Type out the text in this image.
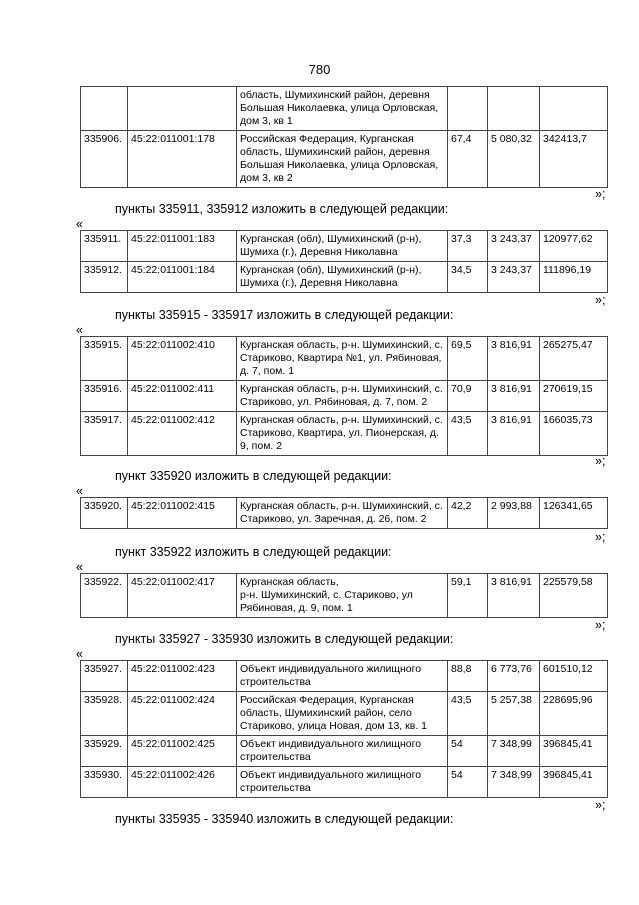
780
		область, Шумихинский район, деревня Большая Николаевка, улица Орловская, дом 3, кв 1			
335906.	45:22:011001:178	Российская Федерация, Курганская область, Шумихинский район, деревня Большая Николаевка, улица Орловская, дом 3, кв 2	67,4	5 080,32	342413,7
»;
пункты 335911, 335912 изложить в следующей редакции:
«
335911.	45:22:011001:183	Курганская (обл), Шумихинский (р-н), Шумиха (г.), Деревня Николавна	37,3	3 243,37	120977,62
335912.	45:22:011001:184	Курганская (обл), Шумихинский (р-н), Шумиха (г.), Деревня Николавна	34,5	3 243,37	111896,19
»;
пункты 335915 - 335917 изложить в следующей редакции:
«
335915.	45:22:011002:410	Курганская область, р-н. Шумихинский, с. Стариково, Квартира №1, ул. Рябиновая, д. 7, пом. 1	69,5	3 816,91	265275,47
335916.	45:22:011002:411	Курганская область, р-н. Шумихинский, с. Стариково, ул. Рябиновая, д. 7, пом. 2	70,9	3 816,91	270619,15
335917.	45:22:011002:412	Курганская область, р-н. Шумихинский, с. Стариково, Квартира, ул. Пионерская, д. 9, пом. 2	43,5	3 816,91	166035,73
»;
пункт 335920 изложить в следующей редакции:
«
335920.	45:22:011002:415	Курганская область, р-н. Шумихинский, с. Стариково, ул. Заречная, д. 26, пом. 2	42,2	2 993,88	126341,65
»;
пункт 335922 изложить в следующей редакции:
«
335922.	45:22:011002:417	Курганская область,
р-н. Шумихинский, с. Стариково, ул Рябиновая, д. 9, пом. 1	59,1	3 816,91	225579,58
»;
пункты 335927 - 335930 изложить в следующей редакции:
«
335927.	45:22:011002:423	Объект индивидуального жилищного строительства	88,8	6 773,76	601510,12
335928.	45:22:011002:424	Российская Федерация, Курганская область, Шумихинский район, село Стариково, улица Новая, дом 13, кв. 1	43,5	5 257,38	228695,96
335929.	45:22:011002:425	Объект индивидуального жилищного строительства	54	7 348,99	396845,41
335930.	45:22:011002:426	Объект индивидуального жилищного строительства	54	7 348,99	396845,41
»;
пункты 335935 - 335940 изложить в следующей редакции:
